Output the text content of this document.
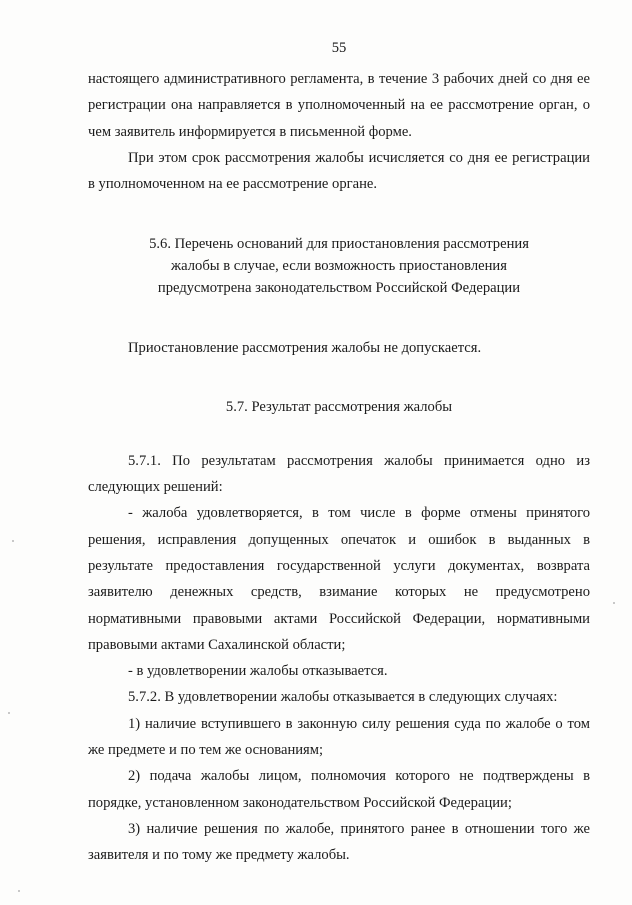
55

настоящего административного регламента, в течение 3 рабочих дней со дня ее регистрации она направляется в уполномоченный на ее рассмотрение орган, о чем заявитель информируется в письменной форме.

При этом срок рассмотрения жалобы исчисляется со дня ее регистрации в уполномоченном на ее рассмотрение органе.

5.6. Перечень оснований для приостановления рассмотрения
жалобы в случае, если возможность приостановления
предусмотрена законодательством Российской Федерации

Приостановление рассмотрения жалобы не допускается.

5.7. Результат рассмотрения жалобы

5.7.1. По результатам рассмотрения жалобы принимается одно из следующих решений:

- жалоба удовлетворяется, в том числе в форме отмены принятого решения, исправления допущенных опечаток и ошибок в выданных в результате предоставления государственной услуги документах, возврата заявителю денежных средств, взимание которых не предусмотрено нормативными правовыми актами Российской Федерации, нормативными правовыми актами Сахалинской области;

- в удовлетворении жалобы отказывается.

5.7.2. В удовлетворении жалобы отказывается в следующих случаях:

1) наличие вступившего в законную силу решения суда по жалобе о том же предмете и по тем же основаниям;

2) подача жалобы лицом, полномочия которого не подтверждены в порядке, установленном законодательством Российской Федерации;

3) наличие решения по жалобе, принятого ранее в отношении того же заявителя и по тому же предмету жалобы.
